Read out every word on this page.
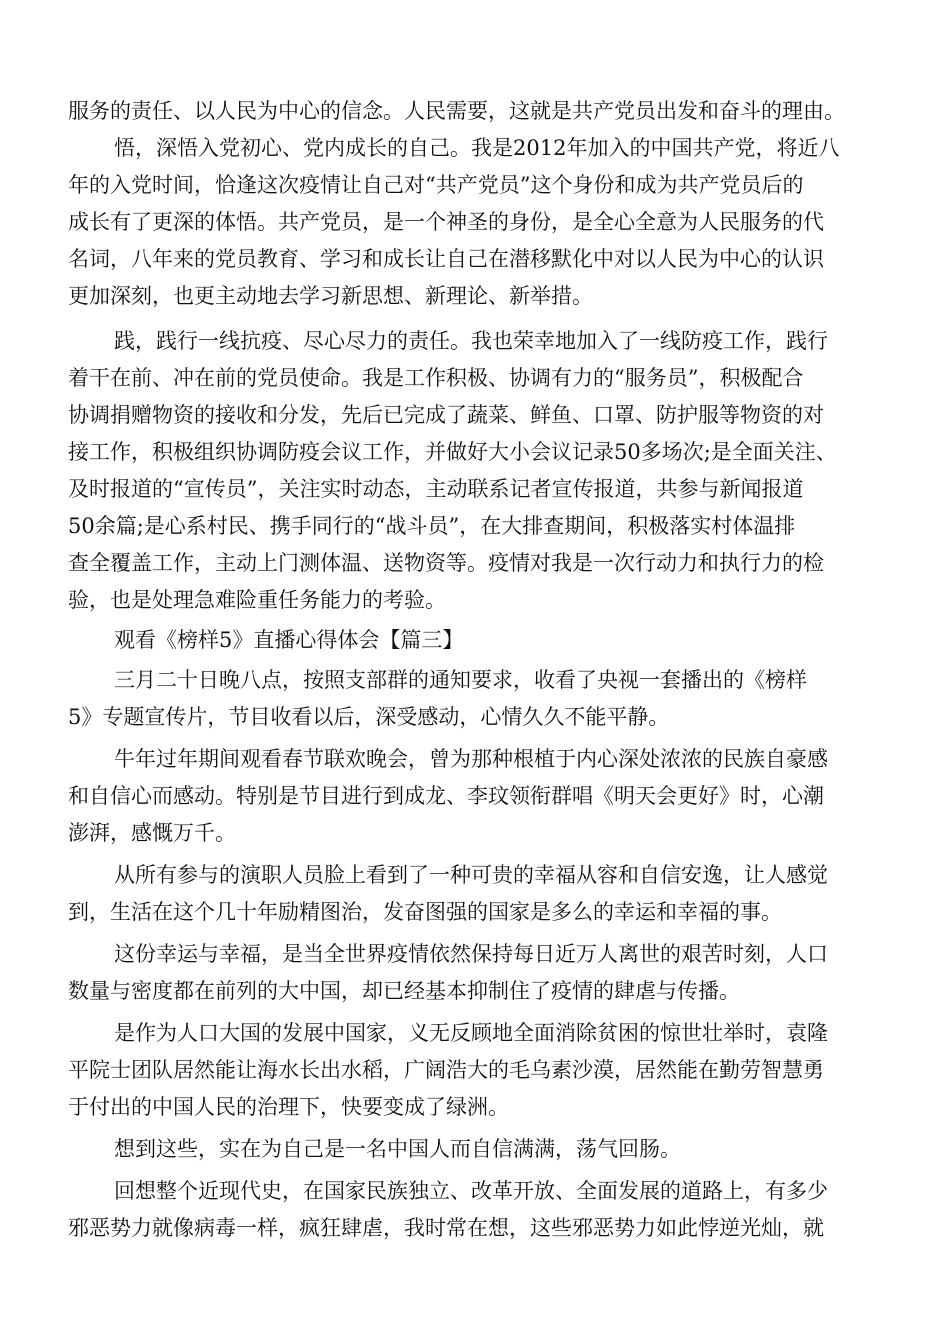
服务的责任、以人民为中心的信念。人民需要，这就是共产党员出发和奋斗的理由。
悟，深悟入党初心、党内成长的自己。我是2012年加入的中国共产党，将近八
年的入党时间，恰逢这次疫情让自己对“共产党员”这个身份和成为共产党员后的
成长有了更深的体悟。共产党员，是一个神圣的身份，是全心全意为人民服务的代
名词，八年来的党员教育、学习和成长让自己在潜移默化中对以人民为中心的认识
更加深刻，也更主动地去学习新思想、新理论、新举措。
践，践行一线抗疫、尽心尽力的责任。我也荣幸地加入了一线防疫工作，践行
着干在前、冲在前的党员使命。我是工作积极、协调有力的“服务员”，积极配合
协调捐赠物资的接收和分发，先后已完成了蔬菜、鲜鱼、口罩、防护服等物资的对
接工作，积极组织协调防疫会议工作，并做好大小会议记录50多场次;是全面关注、
及时报道的“宣传员”，关注实时动态，主动联系记者宣传报道，共参与新闻报道
50余篇;是心系村民、携手同行的“战斗员”，在大排查期间，积极落实村体温排
查全覆盖工作，主动上门测体温、送物资等。疫情对我是一次行动力和执行力的检
验，也是处理急难险重任务能力的考验。
观看《榜样5》直播心得体会【篇三】
三月二十日晚八点，按照支部群的通知要求，收看了央视一套播出的《榜样
5》专题宣传片，节目收看以后，深受感动，心情久久不能平静。
牛年过年期间观看春节联欢晚会，曾为那种根植于内心深处浓浓的民族自豪感
和自信心而感动。特别是节目进行到成龙、李玟领衔群唱《明天会更好》时，心潮
澎湃，感慨万千。
从所有参与的演职人员脸上看到了一种可贵的幸福从容和自信安逸，让人感觉
到，生活在这个几十年励精图治，发奋图强的国家是多么的幸运和幸福的事。
这份幸运与幸福，是当全世界疫情依然保持每日近万人离世的艰苦时刻，人口
数量与密度都在前列的大中国，却已经基本抑制住了疫情的肆虐与传播。
是作为人口大国的发展中国家，义无反顾地全面消除贫困的惊世壮举时，袁隆
平院士团队居然能让海水长出水稻，广阔浩大的毛乌素沙漠，居然能在勤劳智慧勇
于付出的中国人民的治理下，快要变成了绿洲。
想到这些，实在为自己是一名中国人而自信满满，荡气回肠。
回想整个近现代史，在国家民族独立、改革开放、全面发展的道路上，有多少
邪恶势力就像病毒一样，疯狂肆虐，我时常在想，这些邪恶势力如此悖逆光灿，就
